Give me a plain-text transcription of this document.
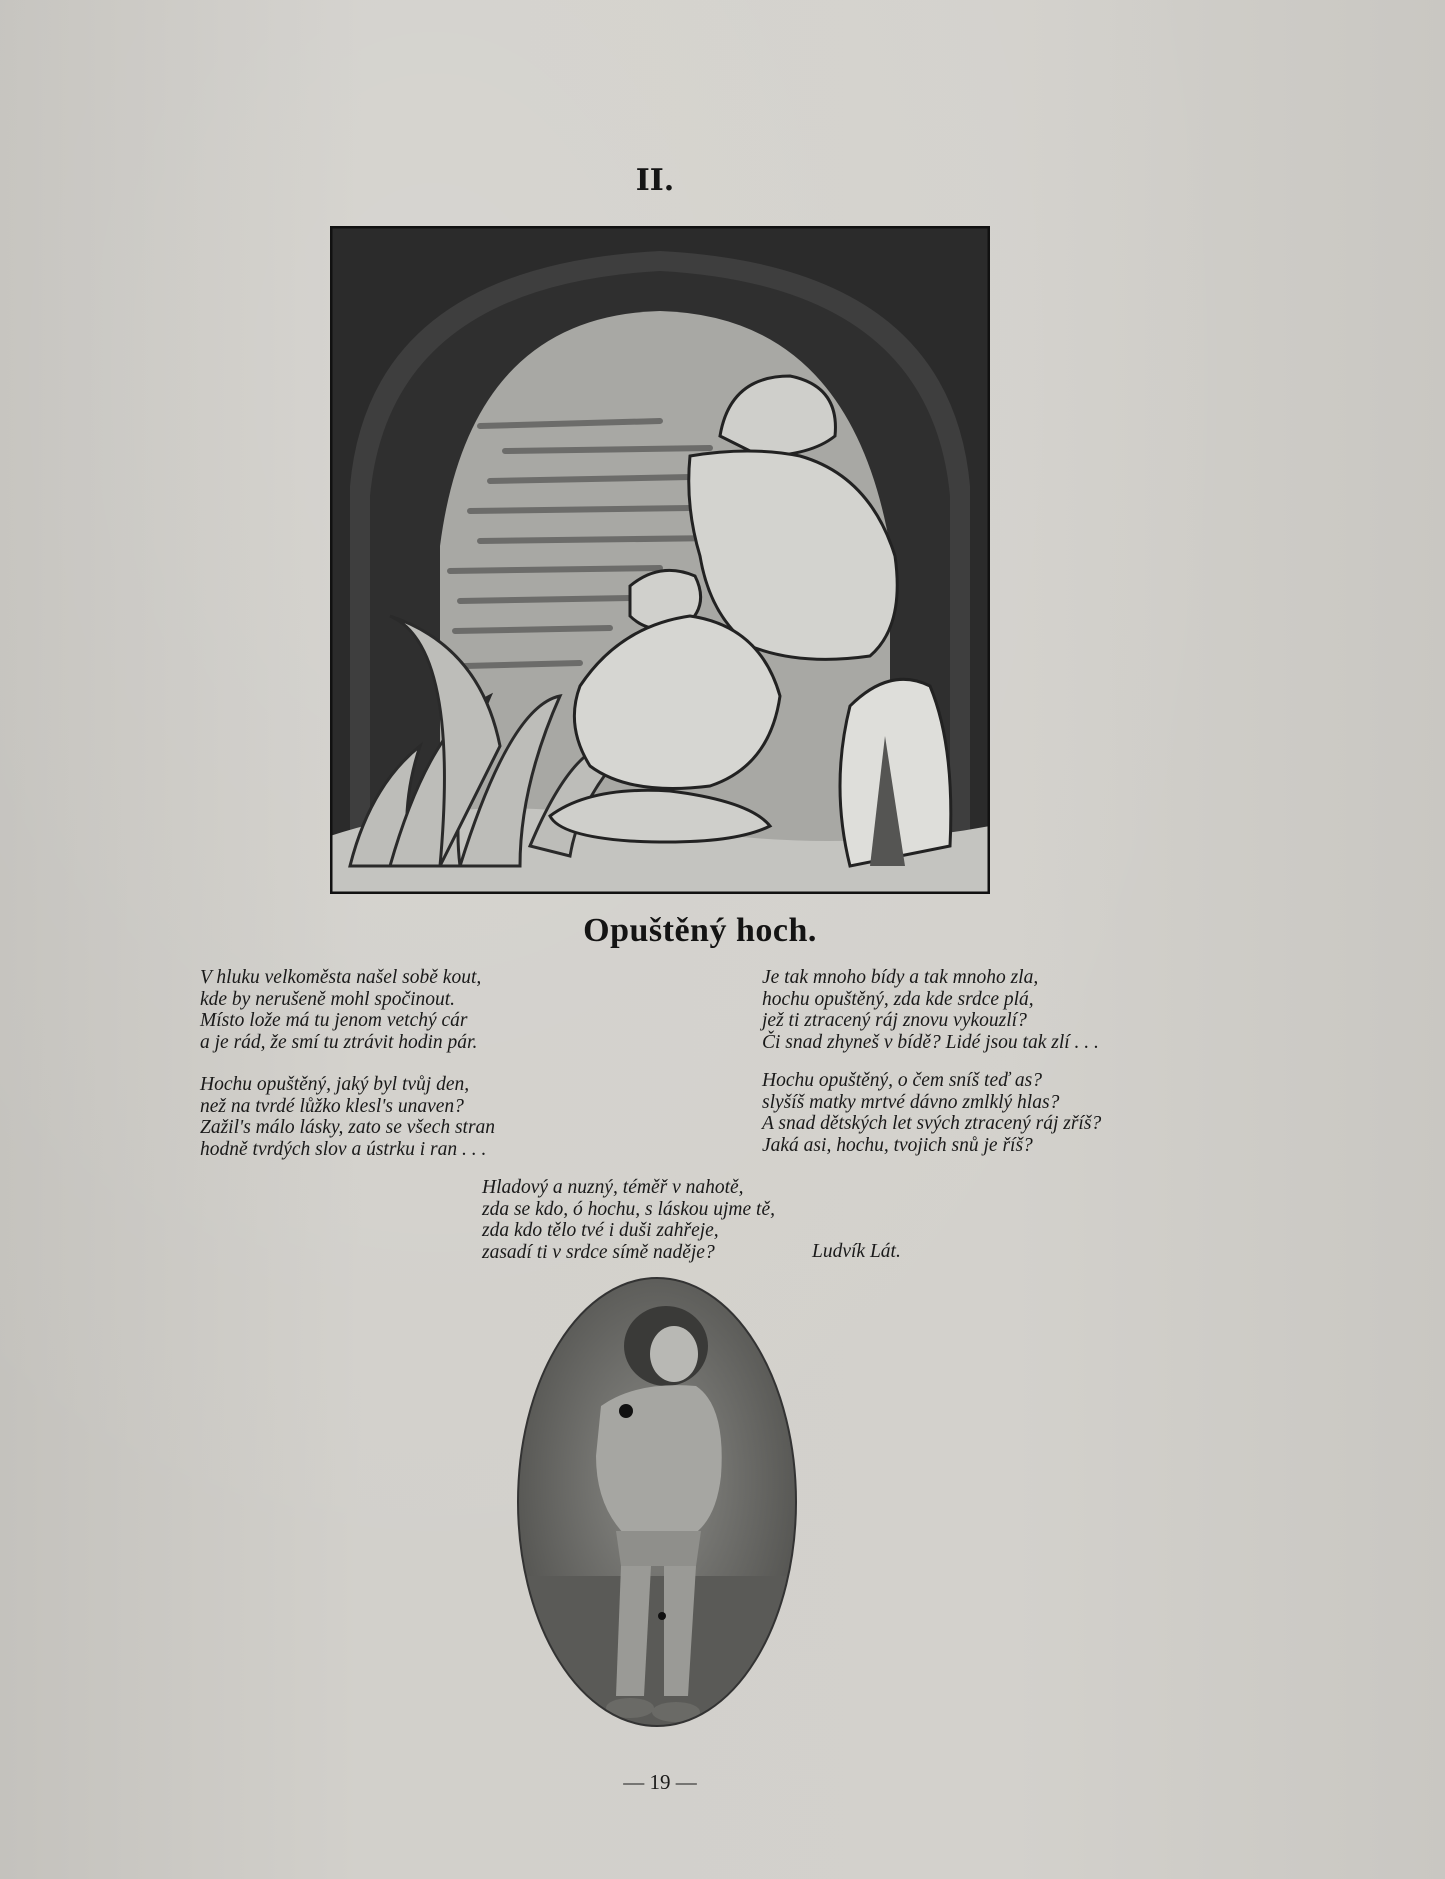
II.
Opuštěný hoch.
V hluku velkoměsta našel sobě kout,
kde by nerušeně mohl spočinout.
Místo lože má tu jenom vetchý cár
a je rád, že smí tu ztrávit hodin pár.
Hochu opuštěný, jaký byl tvůj den,
než na tvrdé lůžko klesl's unaven?
Zažil's málo lásky, zato se všech stran
hodně tvrdých slov a ústrku i ran . . .
Je tak mnoho bídy a tak mnoho zla,
hochu opuštěný, zda kde srdce plá,
jež ti ztracený ráj znovu vykouzlí?
Či snad zhyneš v bídě? Lidé jsou tak zlí . . .
Hochu opuštěný, o čem sníš teď as?
slyšíš matky mrtvé dávno zmlklý hlas?
A snad dětských let svých ztracený ráj zříš?
Jaká asi, hochu, tvojich snů je říš?
Hladový a nuzný, téměř v nahotě,
zda se kdo, ó hochu, s láskou ujme tě,
zda kdo tělo tvé i duši zahřeje,
zasadí ti v srdce símě naděje?	Ludvík Lát.
— 19 —
